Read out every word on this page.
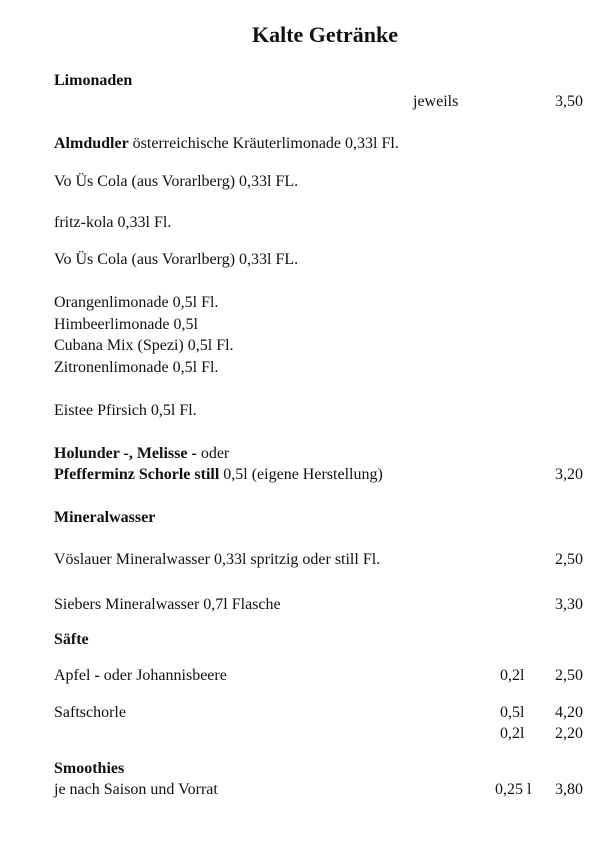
Kalte Getränke
Limonaden
jeweils	3,50
Almdudler österreichische Kräuterlimonade 0,33l Fl.
Vo Üs Cola (aus Vorarlberg) 0,33l FL.
fritz-kola 0,33l Fl.
Vo Üs Cola (aus Vorarlberg) 0,33l FL.
Orangenlimonade 0,5l Fl.
Himbeerlimonade 0,5l
Cubana Mix (Spezi) 0,5l Fl.
Zitronenlimonade 0,5l Fl.
Eistee Pfirsich 0,5l Fl.
Holunder -, Melisse - oder
Pfefferminz Schorle still 0,5l (eigene Herstellung)	3,20
Mineralwasser
Vöslauer Mineralwasser 0,33l spritzig oder still Fl.	2,50
Siebers Mineralwasser 0,7l Flasche	3,30
Säfte
Apfel - oder Johannisbeere	0,2l 2,50
Saftschorle	0,5l 4,20
0,2l 2,20
Smoothies
je nach Saison und Vorrat	0,25 l 3,80
